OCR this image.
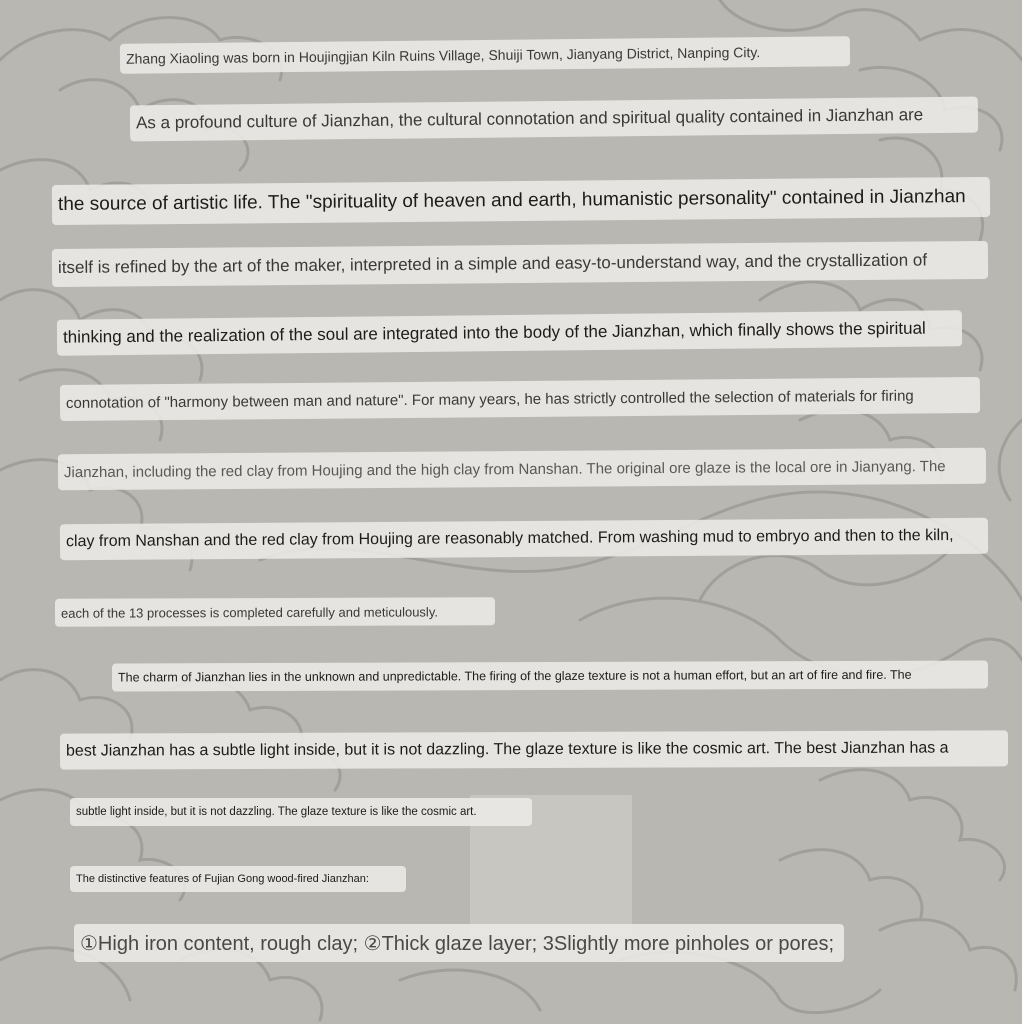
Zhang Xiaoling was born in Houjingjian Kiln Ruins Village, Shuiji Town, Jianyang District, Nanping City.
As a profound culture of Jianzhan, the cultural connotation and spiritual quality contained in Jianzhan are
the source of artistic life. The "spirituality of heaven and earth, humanistic personality" contained in Jianzhan
itself is refined by the art of the maker, interpreted in a simple and easy-to-understand way, and the crystallization of
thinking and the realization of the soul are integrated into the body of the Jianzhan, which finally shows the spiritual
connotation of "harmony between man and nature". For many years, he has strictly controlled the selection of materials for firing
Jianzhan, including the red clay from Houjing and the high clay from Nanshan. The original ore glaze is the local ore in Jianyang. The
clay from Nanshan and the red clay from Houjing are reasonably matched. From washing mud to embryo and then to the kiln,
each of the 13 processes is completed carefully and meticulously.
The charm of Jianzhan lies in the unknown and unpredictable. The firing of the glaze texture is not a human effort, but an art of fire and fire. The
best Jianzhan has a subtle light inside, but it is not dazzling. The glaze texture is like the cosmic art. The best Jianzhan has a
subtle light inside, but it is not dazzling. The glaze texture is like the cosmic art.
The distinctive features of Fujian Gong wood-fired Jianzhan:
①High iron content, rough clay; ②Thick glaze layer; 3Slightly more pinholes or pores;
